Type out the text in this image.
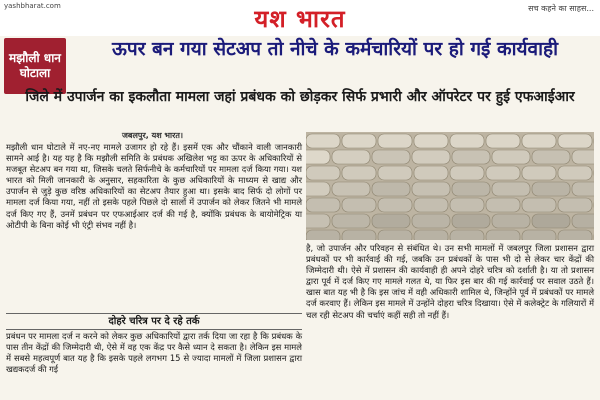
yashbharat.com	सच कहने का साहस...
यश भारत
मझौली धान घोटाला
ऊपर बन गया सेटअप तो नीचे के कर्मचारियों पर हो गई कार्यवाही
जिले में उपार्जन का इकलौता मामला जहां प्रबंधक को छोड़कर सिर्फ प्रभारी और ऑपरेटर पर हुई एफआईआर
जबलपुर, यश भारत।

मझौली धान घोटाले में नए-नए मामले उजागर हो रहे हैं। इसमें एक और चौंकाने वाली जानकारी सामने आई है। यह यह है कि मझौली समिति के प्रबंधक अखिलेश भट्ट का ऊपर के अधिकारियों से मजबूत सेटअप बन गया था, जिसके चलते सिर्फनीचे के कर्मचारियों पर मामला दर्ज किया गया। यश भारत को मिली जानकारी के अनुसार, सहकारिता के कुछ अधिकारियों के माध्यम से खाद्य और उपार्जन से जुड़े कुछ वरिष्ठ अधिकारियों का सेटअप तैयार हुआ था। इसके बाद सिर्फ दो लोगों पर मामला दर्ज किया गया, नहीं तो इसके पहले पिछले दो सालों में उपार्जन को लेकर जितने भी मामले दर्ज किए गए हैं, उनमें प्रबंधन पर एफआईआर दर्ज की गई है, क्योंकि प्रबंधक के बायोमेट्रिक या ओटीपी के बिना कोई भी एंट्री संभव नहीं है।

है, जो उपार्जन और परिवहन से संबंधित थे। उन सभी मामलों में जबलपुर जिला प्रशासन द्वारा प्रबंधकों पर भी कार्रवाई की गई, जबकि उन प्रबंधकों के पास भी दो से लेकर चार केंद्रों की जिम्मेदारी थी। ऐसे में प्रशासन की कार्यवाही ही अपने दोहरे चरित्र को दर्शाती है। या तो प्रशासन द्वारा पूर्व में दर्ज किए गए मामले गलत थे, या फिर इस बार की गई कार्रवाई पर सवाल उठते हैं। खास बात यह भी है कि इस जांच में वही अधिकारी शामिल थे, जिन्होंने पूर्व में प्रबंधकों पर मामले दर्ज करवाए हैं। लेकिन इस मामले में उन्होंने दोहरा चरित्र दिखाया। ऐसे में कलेक्ट्रेट के गलियारों में चल रही सेटअप की चर्चाएं कहीं सही तो नहीं हैं।

दोहरे चरित्र पर दे रहे तर्क

प्रबंधन पर मामला दर्ज न करने को लेकर कुछ अधिकारियों द्वारा तर्क दिया जा रहा है कि प्रबंधक के पास तीन केंद्रों की जिम्मेदारी थी, ऐसे में वह एक केंद्र पर कैसे ध्यान दे सकता है। लेकिन इस मामले में सबसे महत्वपूर्ण बात यह है कि इसके पहले लगभग 15 से ज्यादा मामलों में जिला प्रशासन द्वारा खद्यकदर्ज की गई
